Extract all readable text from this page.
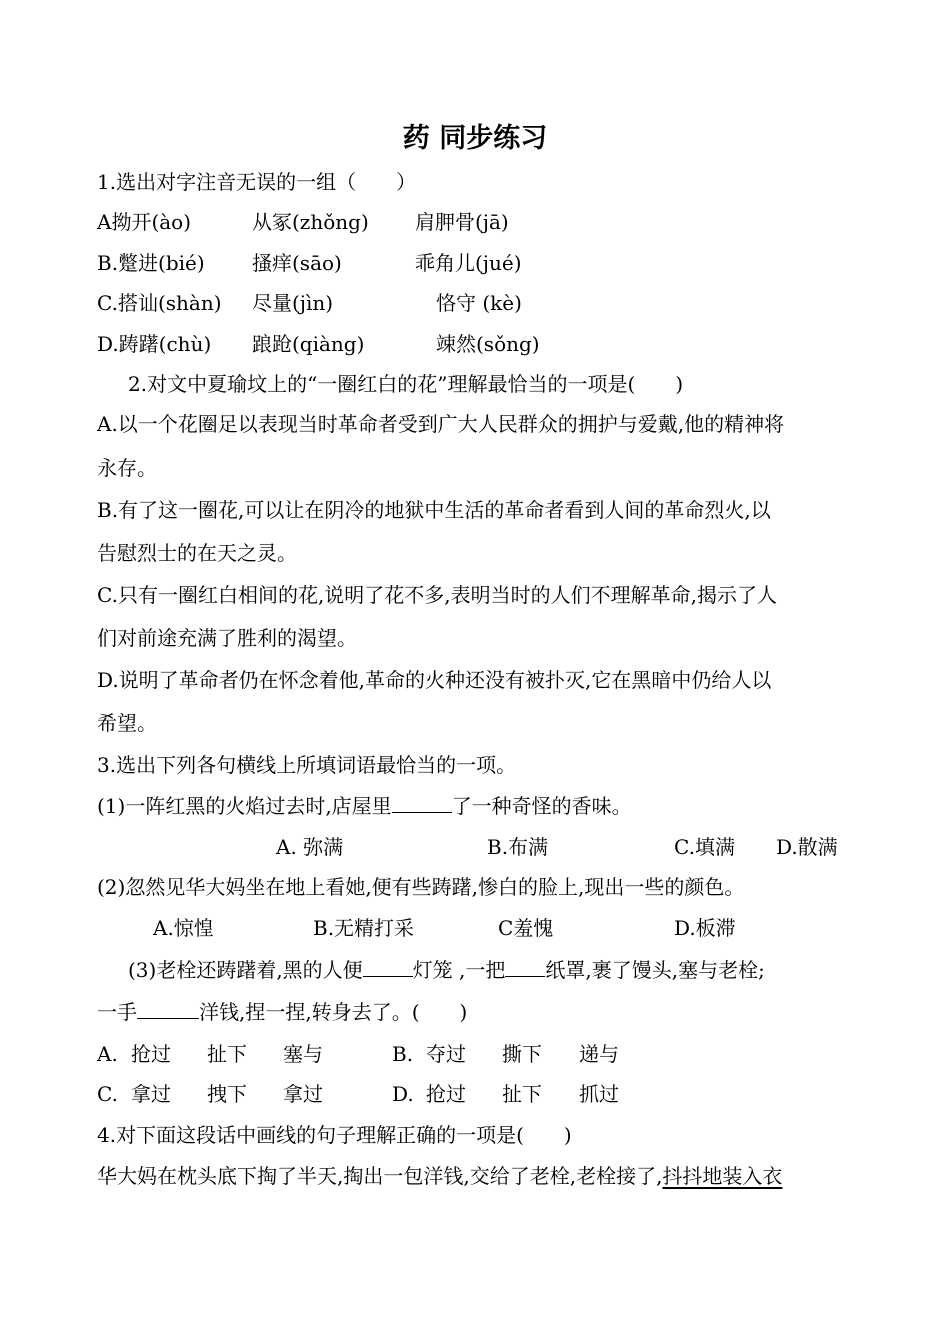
药 同步练习
1.选出对字注音无误的一组（　　）
A拗开(ào)	从冢(zhǒng) 肩胛骨(jā)
B.蹩进(bié) 搔痒(sāo)	乖角儿(jué)
C.搭讪(shàn) 尽量(jìn)	恪守 (kè)
D.踌躇(chù) 踉跄(qiàng)	竦然(sǒng)
2.对文中夏瑜坟上的“一圈红白的花”理解最恰当的一项是(　　)
A.以一个花圈足以表现当时革命者受到广大人民群众的拥护与爱戴,他的精神将
永存。
B.有了这一圈花,可以让在阴冷的地狱中生活的革命者看到人间的革命烈火,以
告慰烈士的在天之灵。
C.只有一圈红白相间的花,说明了花不多,表明当时的人们不理解革命,揭示了人
们对前途充满了胜利的渴望。
D.说明了革命者仍在怀念着他,革命的火种还没有被扑灭,它在黑暗中仍给人以
希望。
3.选出下列各句横线上所填词语最恰当的一项。
(1)一阵红黑的火焰过去时,店屋里	了一种奇怪的香味。
A. 弥满	B.布满	C.填满 D.散满
(2)忽然见华大妈坐在地上看她,便有些踌躇,惨白的脸上,现出一些的颜色。
A.惊惶	B.无精打采	C羞愧	D.板滞
(3)老栓还踌躇着,黑的人便	灯笼 ,一把 纸罩,裹了馒头,塞与老栓;
一手	洋钱,捏一捏,转身去了。(　　)
A. 抢过 扯下 塞与	B. 夺过 撕下 递与
C. 拿过 拽下 拿过	D. 抢过 扯下 抓过
4.对下面这段话中画线的句子理解正确的一项是(　　)
华大妈在枕头底下掏了半天,掏出一包洋钱,交给了老栓,老栓接了,抖抖地装入衣
